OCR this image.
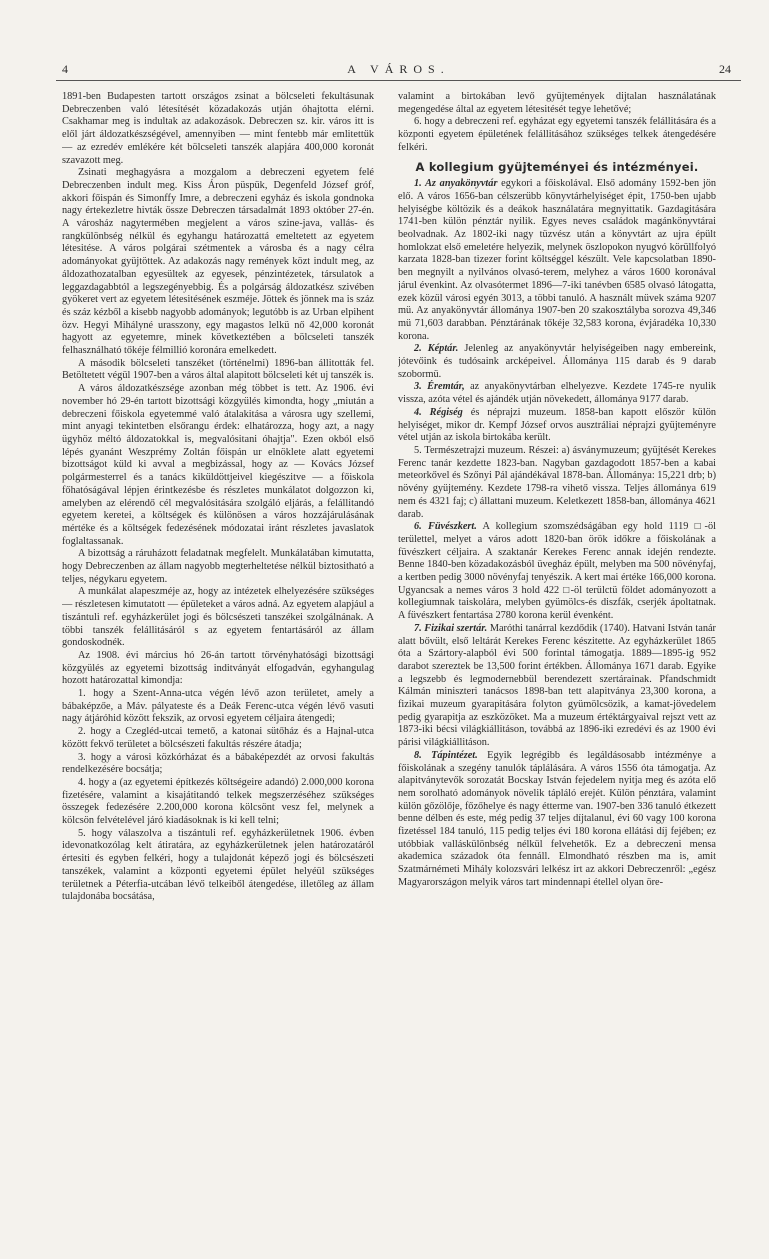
4	A VÁROS.	24

1891-ben Budapesten tartott országos zsinat a bölcseleti fekultásunak Debreczenben való létesítését közadakozás utján óhajtotta elérni. Csakhamar meg is indultak az adakozások. Debreczen sz. kir. város itt is elől járt áldozatkészségével, amennyiben — mint fentebb már emlitettük — az ezredév emlékére két bölcseleti tanszék alapjára 400,000 koronát szavazott meg.

Zsinati meghagyásra a mozgalom a debreczeni egyetem felé Debreczenben indult meg. Kiss Áron püspük, Degenfeld József gróf, akkori főispán és Simonffy Imre, a debreczeni egyház és iskola gondnoka nagy értekezletre hivták össze Debreczen társadalmát 1893 október 27-én. A városház nagytermében megjelent a város szine-java, vallás- és rangkülönbség nélkül és egyhangu határozattá emeltetett az egyetem létesitése. A város polgárai szétmentek a városba és a nagy célra adományokat gyüjtöttek. Az adakozás nagy remények közt indult meg, az áldozathozatalban egyesültek az egyesek, pénzintézetek, társulatok a leggazdagabbtól a legszegényebbig. És a polgárság áldozatkész szivében gyökeret vert az egyetem létesitésének eszméje. Jöttek és jönnek ma is száz és száz kézből a kisebb nagyobb adományok; legutóbb is az Urban elpihent özv. Hegyi Mihályné urasszony, egy magastos lelkü nő 42,000 koronát hagyott az egyetemre, minek következtében a bölcseleti tanszék felhasználható tőkéje félmillió koronára emelkedett.

A második bölcseleti tanszéket (történelmi) 1896-ban állitották fel. Betöltetett végül 1907-ben a város által alapitott bölcseleti két uj tanszék is.

A város áldozatkészsége azonban még többet is tett. Az 1906. évi november hó 29-én tartott bizottsági közgyülés kimondta, hogy „miután a debreczeni főiskola egyetemmé való átalakitása a városra ugy szellemi, mint anyagi tekintetben elsőrangu érdek: elhatározza, hogy azt, a nagy ügyhöz méltó áldozatokkal is, megvalósitani óhajtja". Ezen okból első lépés gyanánt Weszprémy Zoltán főispán ur elnöklete alatt egyetemi bizottságot küld ki avval a megbizással, hogy az — Kovács József polgármesterrel és a tanács kiküldöttjeivel kiegészitve — a főiskola főhatóságával lépjen érintkezésbe és részletes munkálatot dolgozzon ki, amelyben az elérendő cél megvalósitására szolgáló eljárás, a felállitandó egyetem keretei, a költségek és különösen a város hozzájárulásának mértéke és a költségek fedezésének módozatai iránt részletes javaslatok foglaltassanak.

A bizottság a ráruházott feladatnak megfelelt. Munkálatában kimutatta, hogy Debreczenben az állam nagyobb megterheltetése nélkül biztositható a teljes, négykaru egyetem.

A munkálat alapeszméje az, hogy az intézetek elhelyezésére szükséges — részletesen kimutatott — épületeket a város adná. Az egyetem alapjául a tiszántuli ref. egyházkerület jogi és bölcsészeti tanszékei szolgálnának. A többi tanszék felállitásáról s az egyetem fentartásáról az állam gondoskodnék.

Az 1908. évi március hó 26-án tartott törvényhatósági bizottsági közgyülés az egyetemi bizottság inditványát elfogadván, egyhangulag hozott határozattal kimondja:

1. hogy a Szent-Anna-utca végén lévő azon területet, amely a bábaképzőe, a Máv. pályateste és a Deák Ferenc-utca végén lévő vasuti nagy átjáróhid között fekszik, az orvosi egyetem céljaira átengedi;

2. hogy a Czegléd-utcai temető, a katonai sütőház és a Hajnal-utca között fekvő területet a bölcsészeti fakultás részére átadja;

3. hogy a városi közkórházat és a bábaképezdét az orvosi fakultás rendelkezésére bocsátja;

4. hogy a (az egyetemi építkezés költségeire adandó) 2.000,000 korona fizetésére, valamint a kisajátitandó telkek megszerzéséhez szükséges összegek fedezésére 2.200,000 korona kölcsönt vesz fel, melynek a kölcsön felvételével járó kiadásoknak is ki kell telni;

5. hogy válaszolva a tiszántuli ref. egyházkerületnek 1906. évben idevonatkozólag kelt átiratára, az egyházkerületnek jelen határozatáról értesiti és egyben felkéri, hogy a tulajdonát képező jogi és bölcsészeti tanszékek, valamint a központi egyetemi épület helyéül szükséges területnek a Péterfia-utcában lévő telkeiből átengedése, illetőleg az állam tulajdonába bocsátása,

valamint a birtokában levő gyüjtemények dijtalan használatának megengedése által az egyetem létesitését tegye lehetővé;

6. hogy a debreczeni ref. egyházat egy egyetemi tanszék felállitására és a központi egyetem épületének felállitásához szükséges telkek átengedésére felkéri.

A kollegium gyüjteményei és intézményei.

1. Az anyakönyvtár egykori a főiskolával. Első adomány 1592-ben jön elő. A város 1656-ban célszerübb könyvtárhelyiséget épit, 1750-ben ujabb helyiségbe költözik és a deákok használatára megnyittatik. Gazdagitására 1741-ben külön pénztár nyilik. Egyes neves családok magánkönyvtárai beolvadnak. Az 1802-iki nagy tüzvész után a könyvtárt az ujra épült homlokzat első emeletére helyezik, melynek öszlopokon nyugvó körüllfolyó karzata 1828-ban tizezer forint költséggel készült. Vele kapcsolatban 1890-ben megnyilt a nyilvános olvasó-terem, melyhez a város 1600 koronával járul évenkint. Az olvasótermet 1896—7-iki tanévben 6585 olvasó látogatta, ezek közül városi egyén 3013, a többi tanuló. A használt müvek száma 9207 mü. Az anyakönyvtár állománya 1907-ben 20 szakosztályba sorozva 49,346 mü 71,603 darabban. Pénztárának tőkéje 32,583 korona, évjáradéka 10,330 korona.

2. Képtár. Jelenleg az anyakönyvtár helyiségeiben nagy embereink, jótevőink és tudósaink arcképeivel. Állománya 115 darab és 9 darab szobormü.

3. Éremtár, az anyakönyvtárban elhelyezve. Kezdete 1745-re nyulik vissza, azóta vétel és ajándék utján növekedett, állománya 9177 darab.

4. Régiség és néprajzi muzeum. 1858-ban kapott először külön helyiséget, mikor dr. Kempf József orvos ausztráliai néprajzi gyüjteményre vétel utján az iskola birtokába került.

5. Természetrajzi muzeum. Részei: a) ásványmuzeum; gyüjtését Kerekes Ferenc tanár kezdette 1823-ban. Nagyban gazdagodott 1857-ben a kabai meteorkővel és Szőnyi Pál ajándékával 1878-ban. Állománya: 15,221 drb; b) növény gyüjtemény. Kezdete 1798-ra vihető vissza. Teljes állománya 619 nem és 4321 faj; c) állattani muzeum. Keletkezett 1858-ban, állománya 4621 darab.

6. Füvészkert. A kollegium szomszédságában egy hold 1119 □-öl területtel, melyet a város adott 1820-ban örök időkre a főiskolának a füvészkert céljaira. A szaktanár Kerekes Ferenc annak idején rendezte. Benne 1840-ben közadakozásból üvegház épült, melyben ma 500 növényfaj, a kertben pedig 3000 növényfaj tenyészik. A kert mai értéke 166,000 korona. Ugyancsak a nemes város 3 hold 422 □-öl terülctü földet adományozott a kollegiumnak taiskolára, melyben gyümölcs-és diszfák, cserjék ápoltatnak. A füvészkert fentartása 2780 korona kerül évenként.

7. Fizikai szertár. Maróthi tanárral kezdődik (1740). Hatvani István tanár alatt bővült, első leltárát Kerekes Ferenc készitette. Az egyházkerület 1865 óta a Szártory-alapból évi 500 forintal támogatja. 1889—1895-ig 952 darabot szereztek be 13,500 forint értékben. Állománya 1671 darab. Egyike a legszebb és legmodernebbül berendezett szertárainak. Pfandschmidt Kálmán miniszteri tanácsos 1898-ban tett alapitványa 23,300 korona, a fizikai muzeum gyarapitására folyton gyümölcsözik, a kamat-jövedelem pedig gyarapitja az eszközöket. Ma a muzeum értéktárgyaival rejszt vett az 1873-iki bécsi világkiállitáson, továbbá az 1896-iki ezredévi és az 1900 évi párisi világkiállitáson.

8. Tápintézet. Egyik legrégibb és legáldásosabb intézménye a főiskolának a szegény tanulók táplálására. A város 1556 óta támogatja. Az alapitványtevők sorozatát Bocskay István fejedelem nyitja meg és azóta elő nem sorolható adományok növelik tápláló erejét. Külön pénztára, valamint külön gőzölője, főzőhelye és nagy étterme van. 1907-ben 336 tanuló étkezett benne délben és este, még pedig 37 teljes díjtalanul, évi 60 vagy 100 korona fizetéssel 184 tanuló, 115 pedig teljes évi 180 korona ellátási díj fejében; ez utóbbiak valláskülönbség nélkül felvehetők. Ez a debreczeni mensa akademica századok óta fennáll. Elmondható részben ma is, amit Szatmárnémeti Mihály kolozsvári lelkész irt az akkori Debreczenről: „egész Magyarországon melyik város tart mindennapi étellel olyan öre-
